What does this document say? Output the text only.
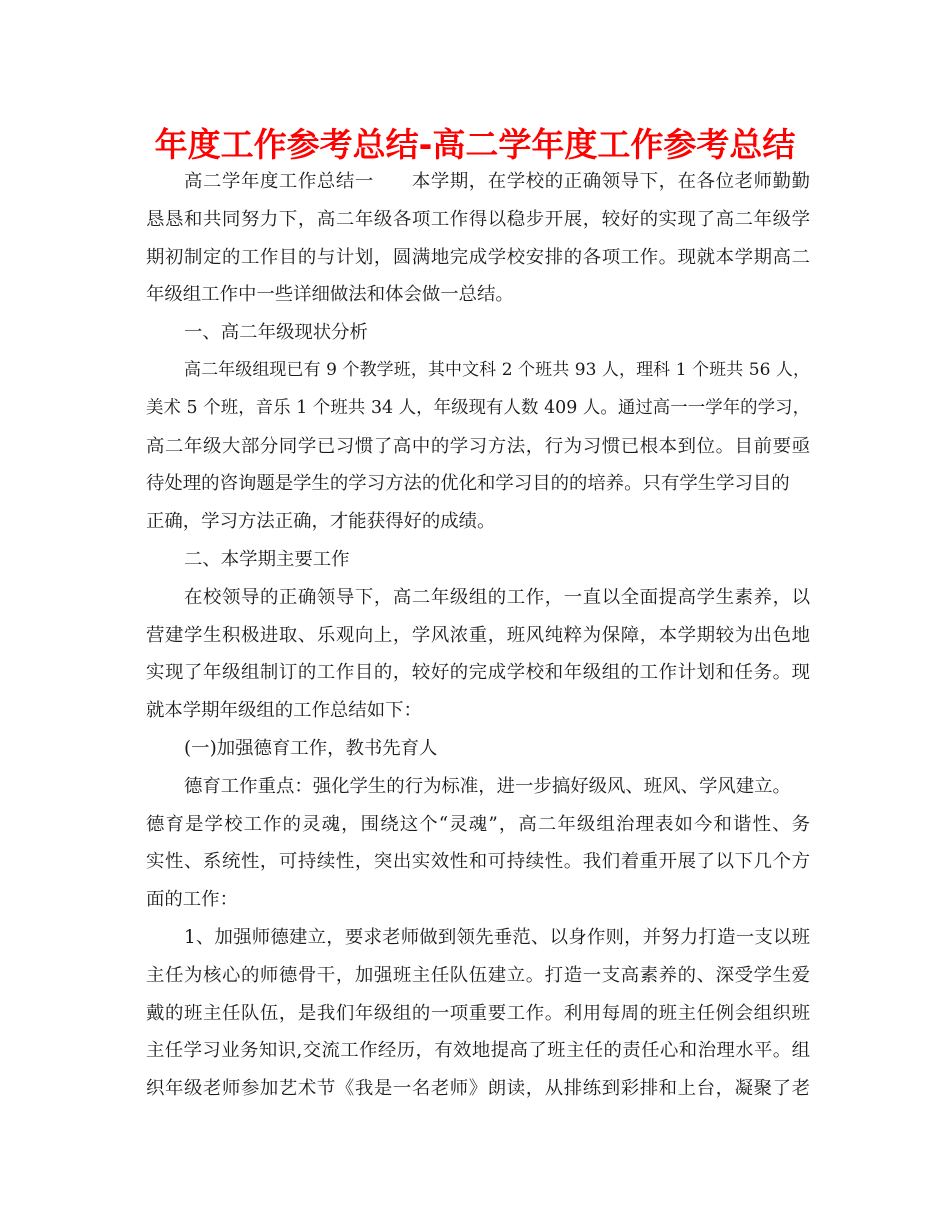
年度工作参考总结-高二学年度工作参考总结
高二学年度工作总结一　　本学期，在学校的正确领导下，在各位老师勤勤
恳恳和共同努力下，高二年级各项工作得以稳步开展，较好的实现了高二年级学
期初制定的工作目的与计划，圆满地完成学校安排的各项工作。现就本学期高二
年级组工作中一些详细做法和体会做一总结。
一、高二年级现状分析
高二年级组现已有 9 个教学班，其中文科 2 个班共 93 人，理科 1 个班共 56 人，
美术 5 个班，音乐 1 个班共 34 人，年级现有人数 409 人。通过高一一学年的学习，
高二年级大部分同学已习惯了高中的学习方法，行为习惯已根本到位。目前要亟
待处理的咨询题是学生的学习方法的优化和学习目的的培养。只有学生学习目的
正确，学习方法正确，才能获得好的成绩。
二、本学期主要工作
在校领导的正确领导下，高二年级组的工作，一直以全面提高学生素养，以
营建学生积极进取、乐观向上，学风浓重，班风纯粹为保障，本学期较为出色地
实现了年级组制订的工作目的，较好的完成学校和年级组的工作计划和任务。现
就本学期年级组的工作总结如下：
(一)加强德育工作，教书先育人
德育工作重点：强化学生的行为标准，进一步搞好级风、班风、学风建立。
德育是学校工作的灵魂，围绕这个“灵魂”，高二年级组治理表如今和谐性、务
实性、系统性，可持续性，突出实效性和可持续性。我们着重开展了以下几个方
面的工作：
1、加强师德建立，要求老师做到领先垂范、以身作则，并努力打造一支以班
主任为核心的师德骨干，加强班主任队伍建立。打造一支高素养的、深受学生爱
戴的班主任队伍，是我们年级组的一项重要工作。利用每周的班主任例会组织班
主任学习业务知识,交流工作经历，有效地提高了班主任的责任心和治理水平。组
织年级老师参加艺术节《我是一名老师》朗读，从排练到彩排和上台，凝聚了老
